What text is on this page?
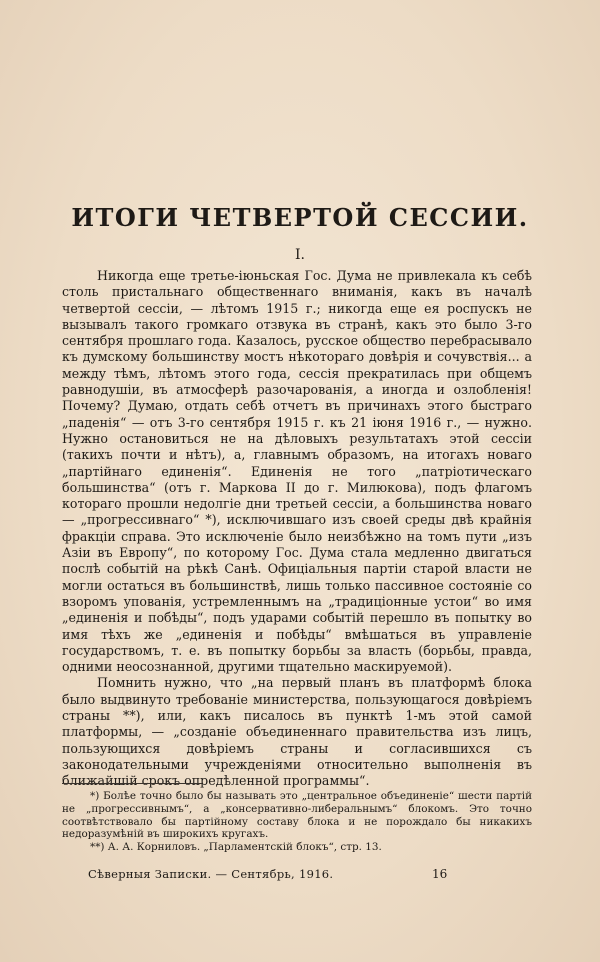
ИТОГИ ЧЕТВЕРТОЙ СЕССИИ.
I.

Никогда еще третье-іюньская Гос. Дума не привлекала къ себѣ столь пристальнаго общественнаго вниманія, какъ въ началѣ четвертой сессіи, — лѣтомъ 1915 г.; никогда еще ея роспускъ не вызывалъ такого громкаго отзвука въ странѣ, какъ это было 3-го сентября прошлаго года. Казалось, русское общество перебрасывало къ думскому большинству мостъ нѣкотораго довѣрія и сочувствія... а между тѣмъ, лѣтомъ этого года, сессія прекратилась при общемъ равнодушіи, въ атмосферѣ разочарованія, а иногда и озлобленія! Почему? Думаю, отдать себѣ отчетъ въ причинахъ этого быстраго „паденія“ — отъ 3-го сентября 1915 г. къ 21 іюня 1916 г., — нужно. Нужно остановиться не на дѣловыхъ результатахъ этой сессіи (такихъ почти и нѣтъ), а, главнымъ образомъ, на итогахъ новаго „партійнаго единенія“. Единенія не того „патріотическаго большинства“ (отъ г. Маркова II до г. Милюкова), подъ флагомъ котораго прошли недолгіе дни третьей сессіи, а большинства новаго — „прогрессивнаго“ *), исключившаго изъ своей среды двѣ крайнія фракціи справа. Это исключеніе было неизбѣжно на томъ пути „изъ Азіи въ Европу“, по которому Гос. Дума стала медленно двигаться послѣ событій на рѣкѣ Санѣ. Офиціальныя партіи старой власти не могли остаться въ большинствѣ, лишь только пассивное состояніе со взоромъ упованія, устремленнымъ на „традиціонные устои“ во имя „единенія и побѣды“, подъ ударами событій перешло въ попытку во имя тѣхъ же „единенія и побѣды“ вмѣшаться въ управленіе государствомъ, т. е. въ попытку борьбы за власть (борьбы, правда, одними неосознанной, другими тщательно маскируемой).

Помнить нужно, что „на первый планъ въ платформѣ блока было выдвинуто требованіе министерства, пользующагося довѣріемъ страны **), или, какъ писалось въ пунктѣ 1-мъ этой самой платформы, — „созданіе объединеннаго правительства изъ лицъ, пользующихся довѣріемъ страны и согласившихся съ законодательными учрежденіями относительно выполненія въ ближайшій срокъ опредѣленной программы“.

*) Болѣе точно было бы называть это „центральное объединеніе“ шести партій не „прогрессивнымъ“, а „консервативно-либеральнымъ“ блокомъ. Это точно соотвѣтствовало бы партійному составу блока и не порождало бы никакихъ недоразумѣній въ широкихъ кругахъ.

**) А. А. Корниловъ. „Парламентскій блокъ“, стр. 13.

Сѣверныя Записки. — Сентябрь, 1916.	16
